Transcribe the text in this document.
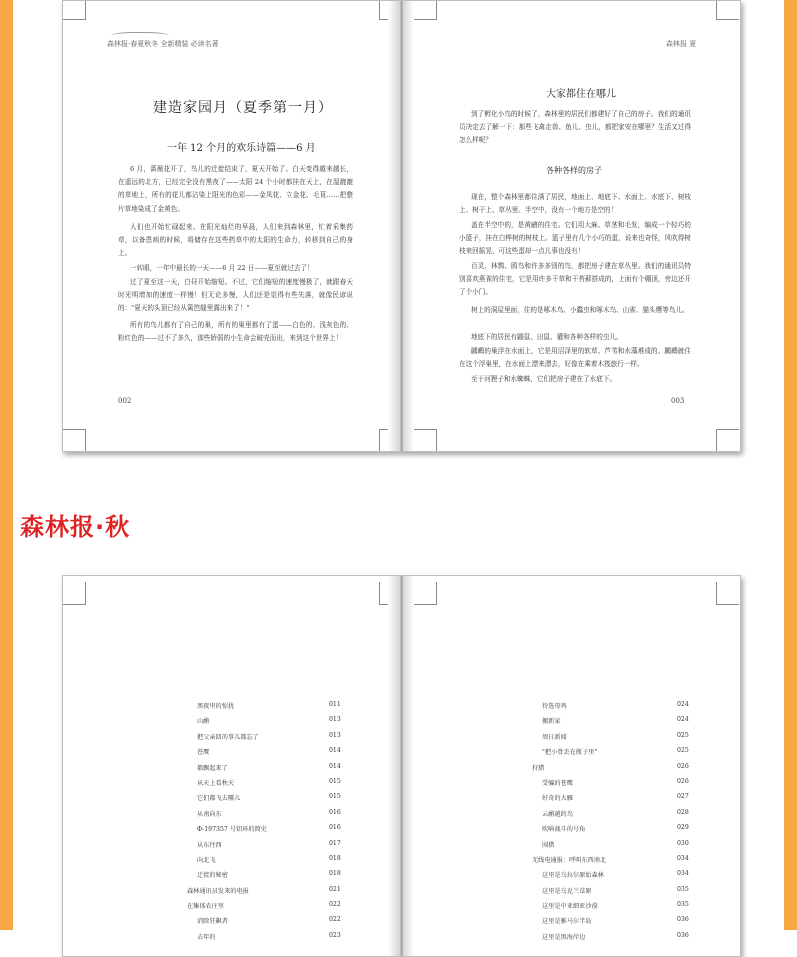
森林报·春夏秋冬 全新精装 必读名著
建造家园月（夏季第一月）
一年 12 个月的欢乐诗篇——6 月

6 月，蔷薇花开了，鸟儿的迁徙结束了，夏天开始了。白天变得越来越长，在遥远的北方，已经完全没有黑夜了——太阳 24 个小时都挂在天上，在湿漉漉的草地上，所有的花儿都沾染上阳光的色彩——金凤花、立金花、毛茛……把整片草地染成了金黄色。

人们也开始忙碌起来。在阳光灿烂的早晨，人们来到森林里，忙着采集药草，以备患病的时候，将储存在这些药草中的太阳的生命力，转移到自己的身上。

一转眼，一年中最长的一天——6 月 22 日——夏至就过去了！

过了夏至这一天，白昼开始缩短。不过，它们缩短的速度慢极了，就跟春天时光明增加的速度一样慢！但无论多慢，人们还是觉得有些失落，就像民谚说的："夏天的头顶已经从篱笆缝里露出来了！"

所有的鸟儿都有了自己的巢，所有的巢里都有了蛋——白色的、浅灰色的、粉红色的——过不了多久，那些娇弱的小生命会破壳而出，来到这个世界上！

002
森林报 夏
大家都住在哪儿

到了孵化小鸟的时候了，森林里的居民们都建好了自己的房子。我们的通讯员决定去了解一下：那些飞禽走兽、鱼儿、虫儿，都把家安在哪里？生活又过得怎么样呢？

各种各样的房子

现在，整个森林里都住满了居民，地面上、地底下、水面上、水底下、树枝上、树干上、草丛里、半空中，没有一个地方是空的！

盖在半空中的，是黄鹂的住宅。它们用大麻、草茎和毛发，编成一个轻巧的小篮子，挂在白桦树的树枝上。篮子里有几个小巧的蛋，说来也奇怪，风吹得树枝来回摇晃，可这些蛋却一点儿事也没有！

百灵、林鹨、鸥鸟和许多多别的鸟，都把房子建在草丛里。我们的通讯员特别喜欢燕雀的住宅，它是用许多干草和干苔藓搭成的，上面有个棚顶，旁边还开了个小门。

树上的洞屋里面，住的是啄木鸟、小蠹虫和啄木鸟、山雀、猫头鹰等鸟儿。

地底下的居民有鼹鼠、田鼠、獾和各种各样的虫儿。

鸊鷉的巢浮在水面上，它是用沼泽里的软草、芦苇和水藻堆成的。鸊鷉就住在这个浮巢里，在水面上漂来漂去，好像在乘着木筏旅行一样。

至于河狸子和水蜘蛛，它们把房子建在了水底下。

003
森林报·秋
黑夜里的惊扰	011
山鹬	013
把父亲回的事儿都忘了	013
苍鹰	014
都飘起来了	014
从天上看秋天	015
它们都飞去哪儿	015
从南向东	016
Ф-197357 号铝环的简史	016
从东往西	017
向北飞	018
迁徙的秘密	018
森林通讯员发来的电报	021
在集体农庄里	022
消除狂飙者	022
去年的	023
待选母鸡	024
搬新家	024
周日新闻	025
"把小骨丢在瓶子里"	025
狩猎	026
受骗的苍鹰	026
好奇的大雁	027
云鹬越的鸟	028
吹响战斗的号角	029
围猎	030
无线电通报：呼叫东西南北	034
这里是乌拉尔原始森林	034
这里是乌克兰草原	035
这里是中亚细亚沙漠	035
这里是雅马尔半岛	036
这里是黑海岸边	036
